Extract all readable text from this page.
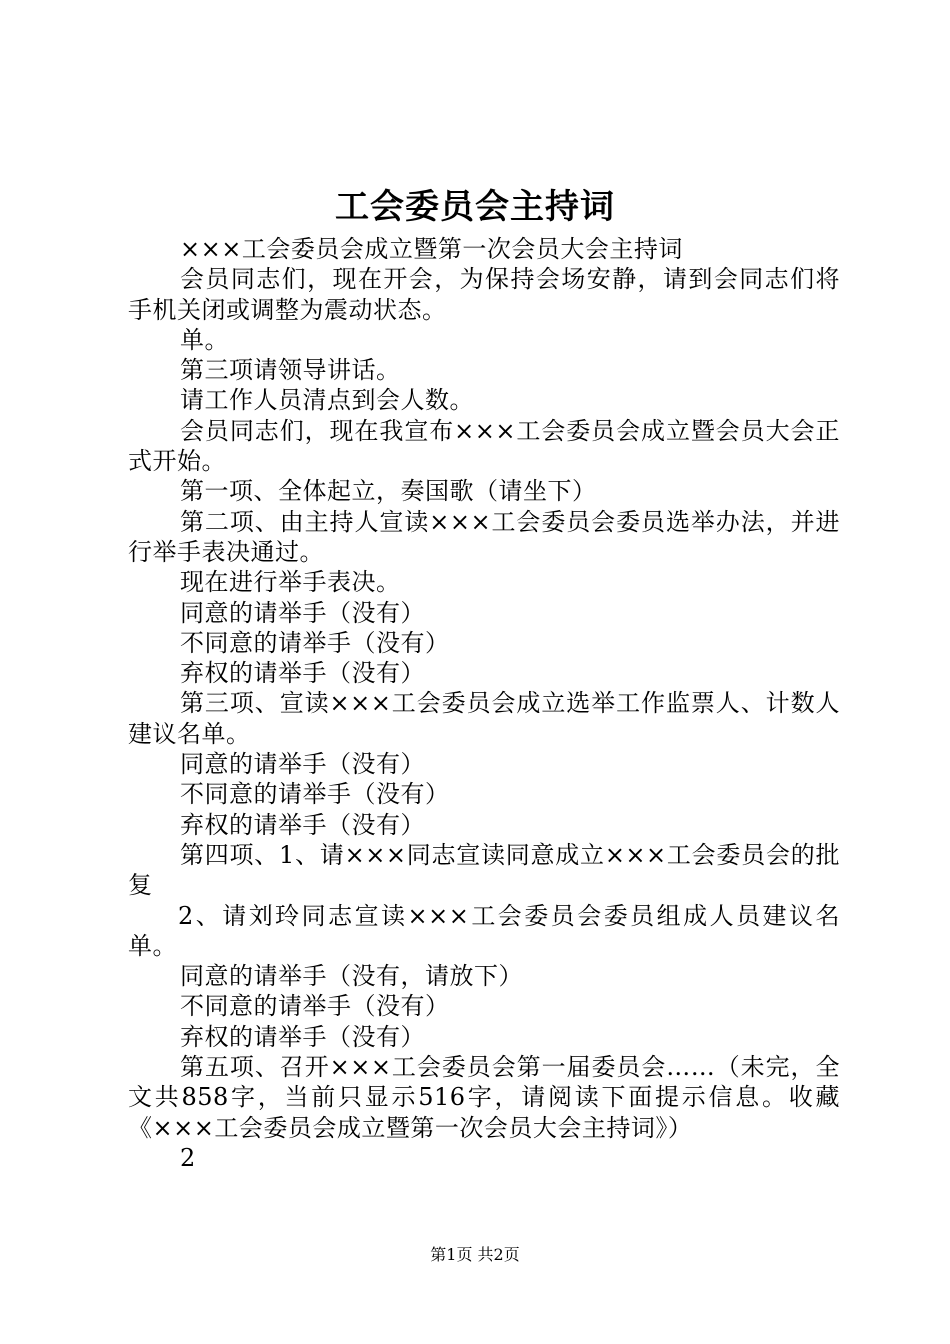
工会委员会主持词

×××工会委员会成立暨第一次会员大会主持词

会员同志们，现在开会，为保持会场安静，请到会同志们将手机关闭或调整为震动状态。

单。

第三项请领导讲话。

请工作人员清点到会人数。

会员同志们，现在我宣布×××工会委员会成立暨会员大会正式开始。

第一项、全体起立，奏国歌（请坐下）

第二项、由主持人宣读×××工会委员会委员选举办法，并进行举手表决通过。

现在进行举手表决。

同意的请举手（没有）

不同意的请举手（没有）

弃权的请举手（没有）

第三项、宣读×××工会委员会成立选举工作监票人、计数人建议名单。

同意的请举手（没有）

不同意的请举手（没有）

弃权的请举手（没有）

第四项、1、请×××同志宣读同意成立×××工会委员会的批复

2、请刘玲同志宣读×××工会委员会委员组成人员建议名单。

同意的请举手（没有，请放下）

不同意的请举手（没有）

弃权的请举手（没有）

第五项、召开×××工会委员会第一届委员会……（未完，全文共858字，当前只显示516字，请阅读下面提示信息。收藏《×××工会委员会成立暨第一次会员大会主持词》）

2

第1页 共2页
